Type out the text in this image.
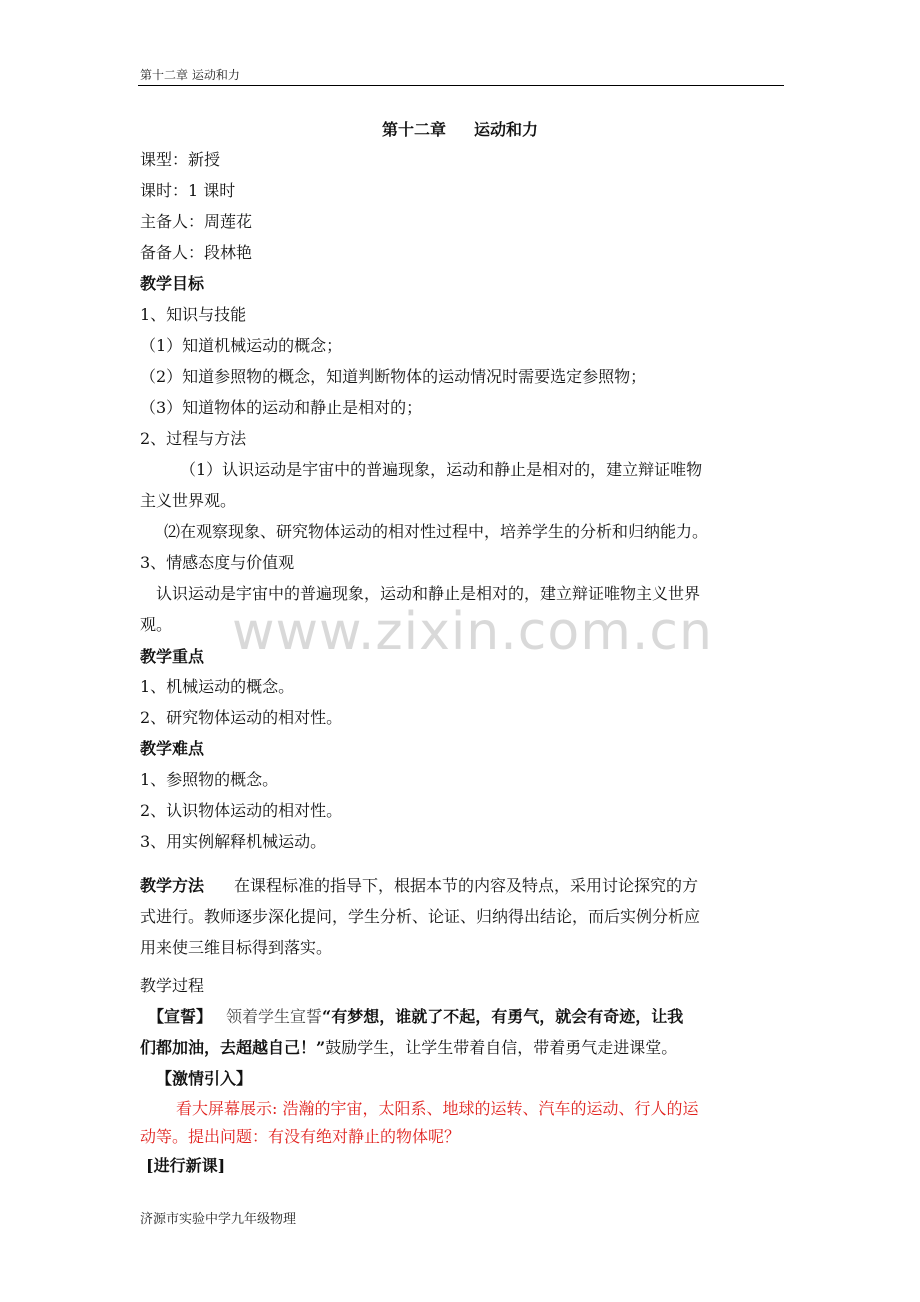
第十二章 运动和力
www.zixin.com.cn
第十二章 运动和力
课型：新授
课时：1 课时
主备人：周莲花
备备人：段林艳
教学目标
1、知识与技能
（1）知道机械运动的概念；
（2）知道参照物的概念，知道判断物体的运动情况时需要选定参照物；
（3）知道物体的运动和静止是相对的；
2、过程与方法
（1）认识运动是宇宙中的普遍现象，运动和静止是相对的，建立辩证唯物
主义世界观。
⑵在观察现象、研究物体运动的相对性过程中，培养学生的分析和归纳能力。
3、情感态度与价值观
认识运动是宇宙中的普遍现象，运动和静止是相对的，建立辩证唯物主义世界
观。
教学重点
1、机械运动的概念。
2、研究物体运动的相对性。
教学难点
1、参照物的概念。
2、认识物体运动的相对性。
3、用实例解释机械运动。
教学方法 在课程标准的指导下，根据本节的内容及特点，采用讨论探究的方
式进行。教师逐步深化提问，学生分析、论证、归纳得出结论，而后实例分析应
用来使三维目标得到落实。
教学过程
【宣誓】 领着学生宣誓“有梦想，谁就了不起，有勇气，就会有奇迹，让我
们都加油，去超越自己！”鼓励学生，让学生带着自信，带着勇气走进课堂。
【激情引入】
看大屏幕展示: 浩瀚的宇宙，太阳系、地球的运转、汽车的运动、行人的运
动等。提出问题：有没有绝对静止的物体呢？
[进行新课]
济源市实验中学九年级物理
